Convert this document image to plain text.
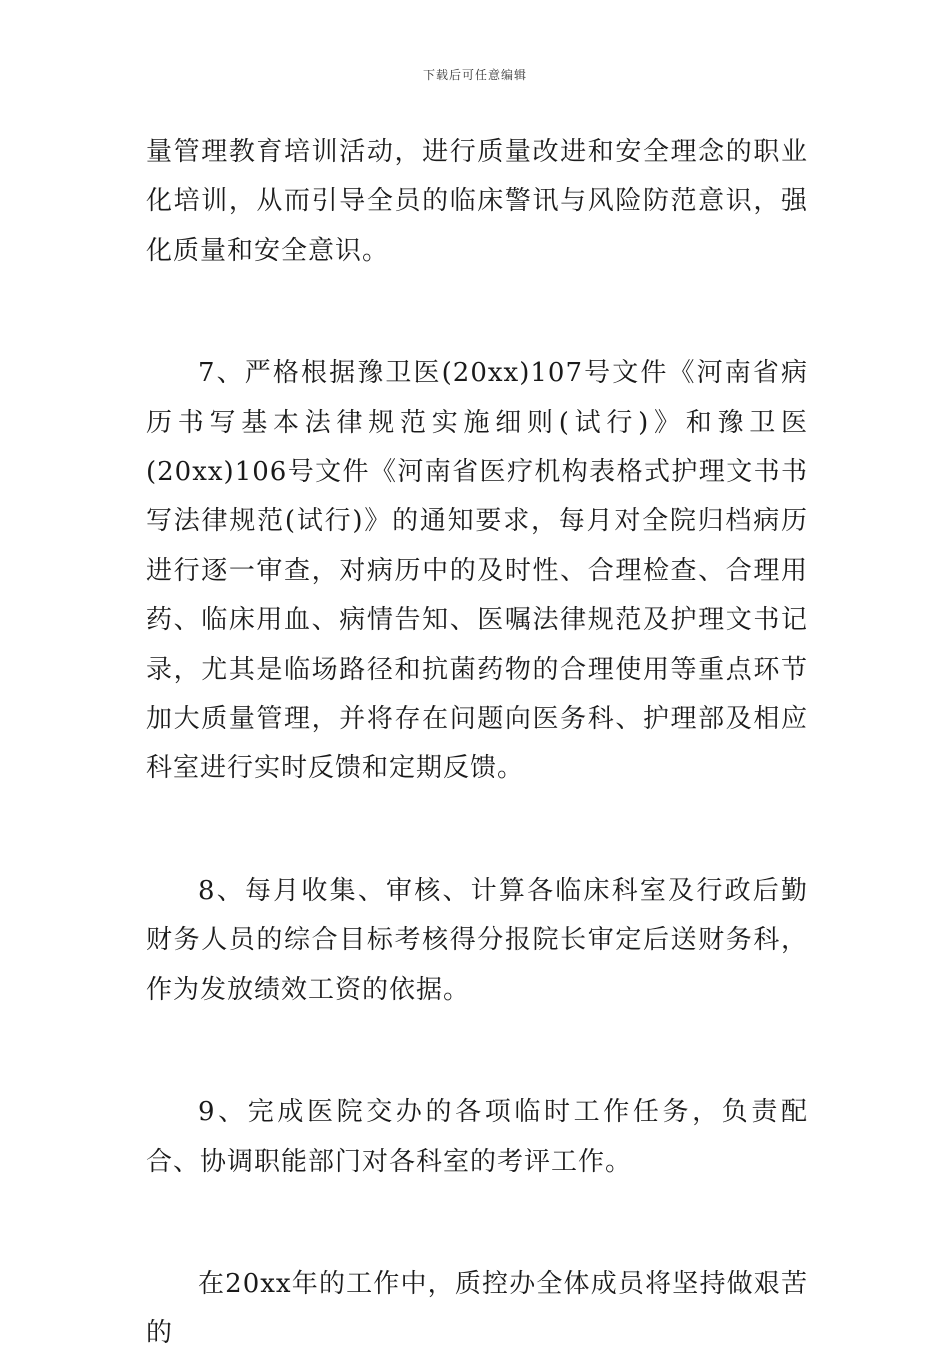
下载后可任意编辑

量管理教育培训活动，进行质量改进和安全理念的职业化培训，从而引导全员的临床警讯与风险防范意识，强化质量和安全意识。

7、严格根据豫卫医(20xx)107号文件《河南省病历书写基本法律规范实施细则(试行)》和豫卫医(20xx)106号文件《河南省医疗机构表格式护理文书书写法律规范(试行)》的通知要求，每月对全院归档病历进行逐一审查，对病历中的及时性、合理检查、合理用药、临床用血、病情告知、医嘱法律规范及护理文书记录，尤其是临场路径和抗菌药物的合理使用等重点环节加大质量管理，并将存在问题向医务科、护理部及相应科室进行实时反馈和定期反馈。

8、每月收集、审核、计算各临床科室及行政后勤财务人员的综合目标考核得分报院长审定后送财务科，作为发放绩效工资的依据。

9、完成医院交办的各项临时工作任务，负责配合、协调职能部门对各科室的考评工作。

在20xx年的工作中，质控办全体成员将坚持做艰苦的
